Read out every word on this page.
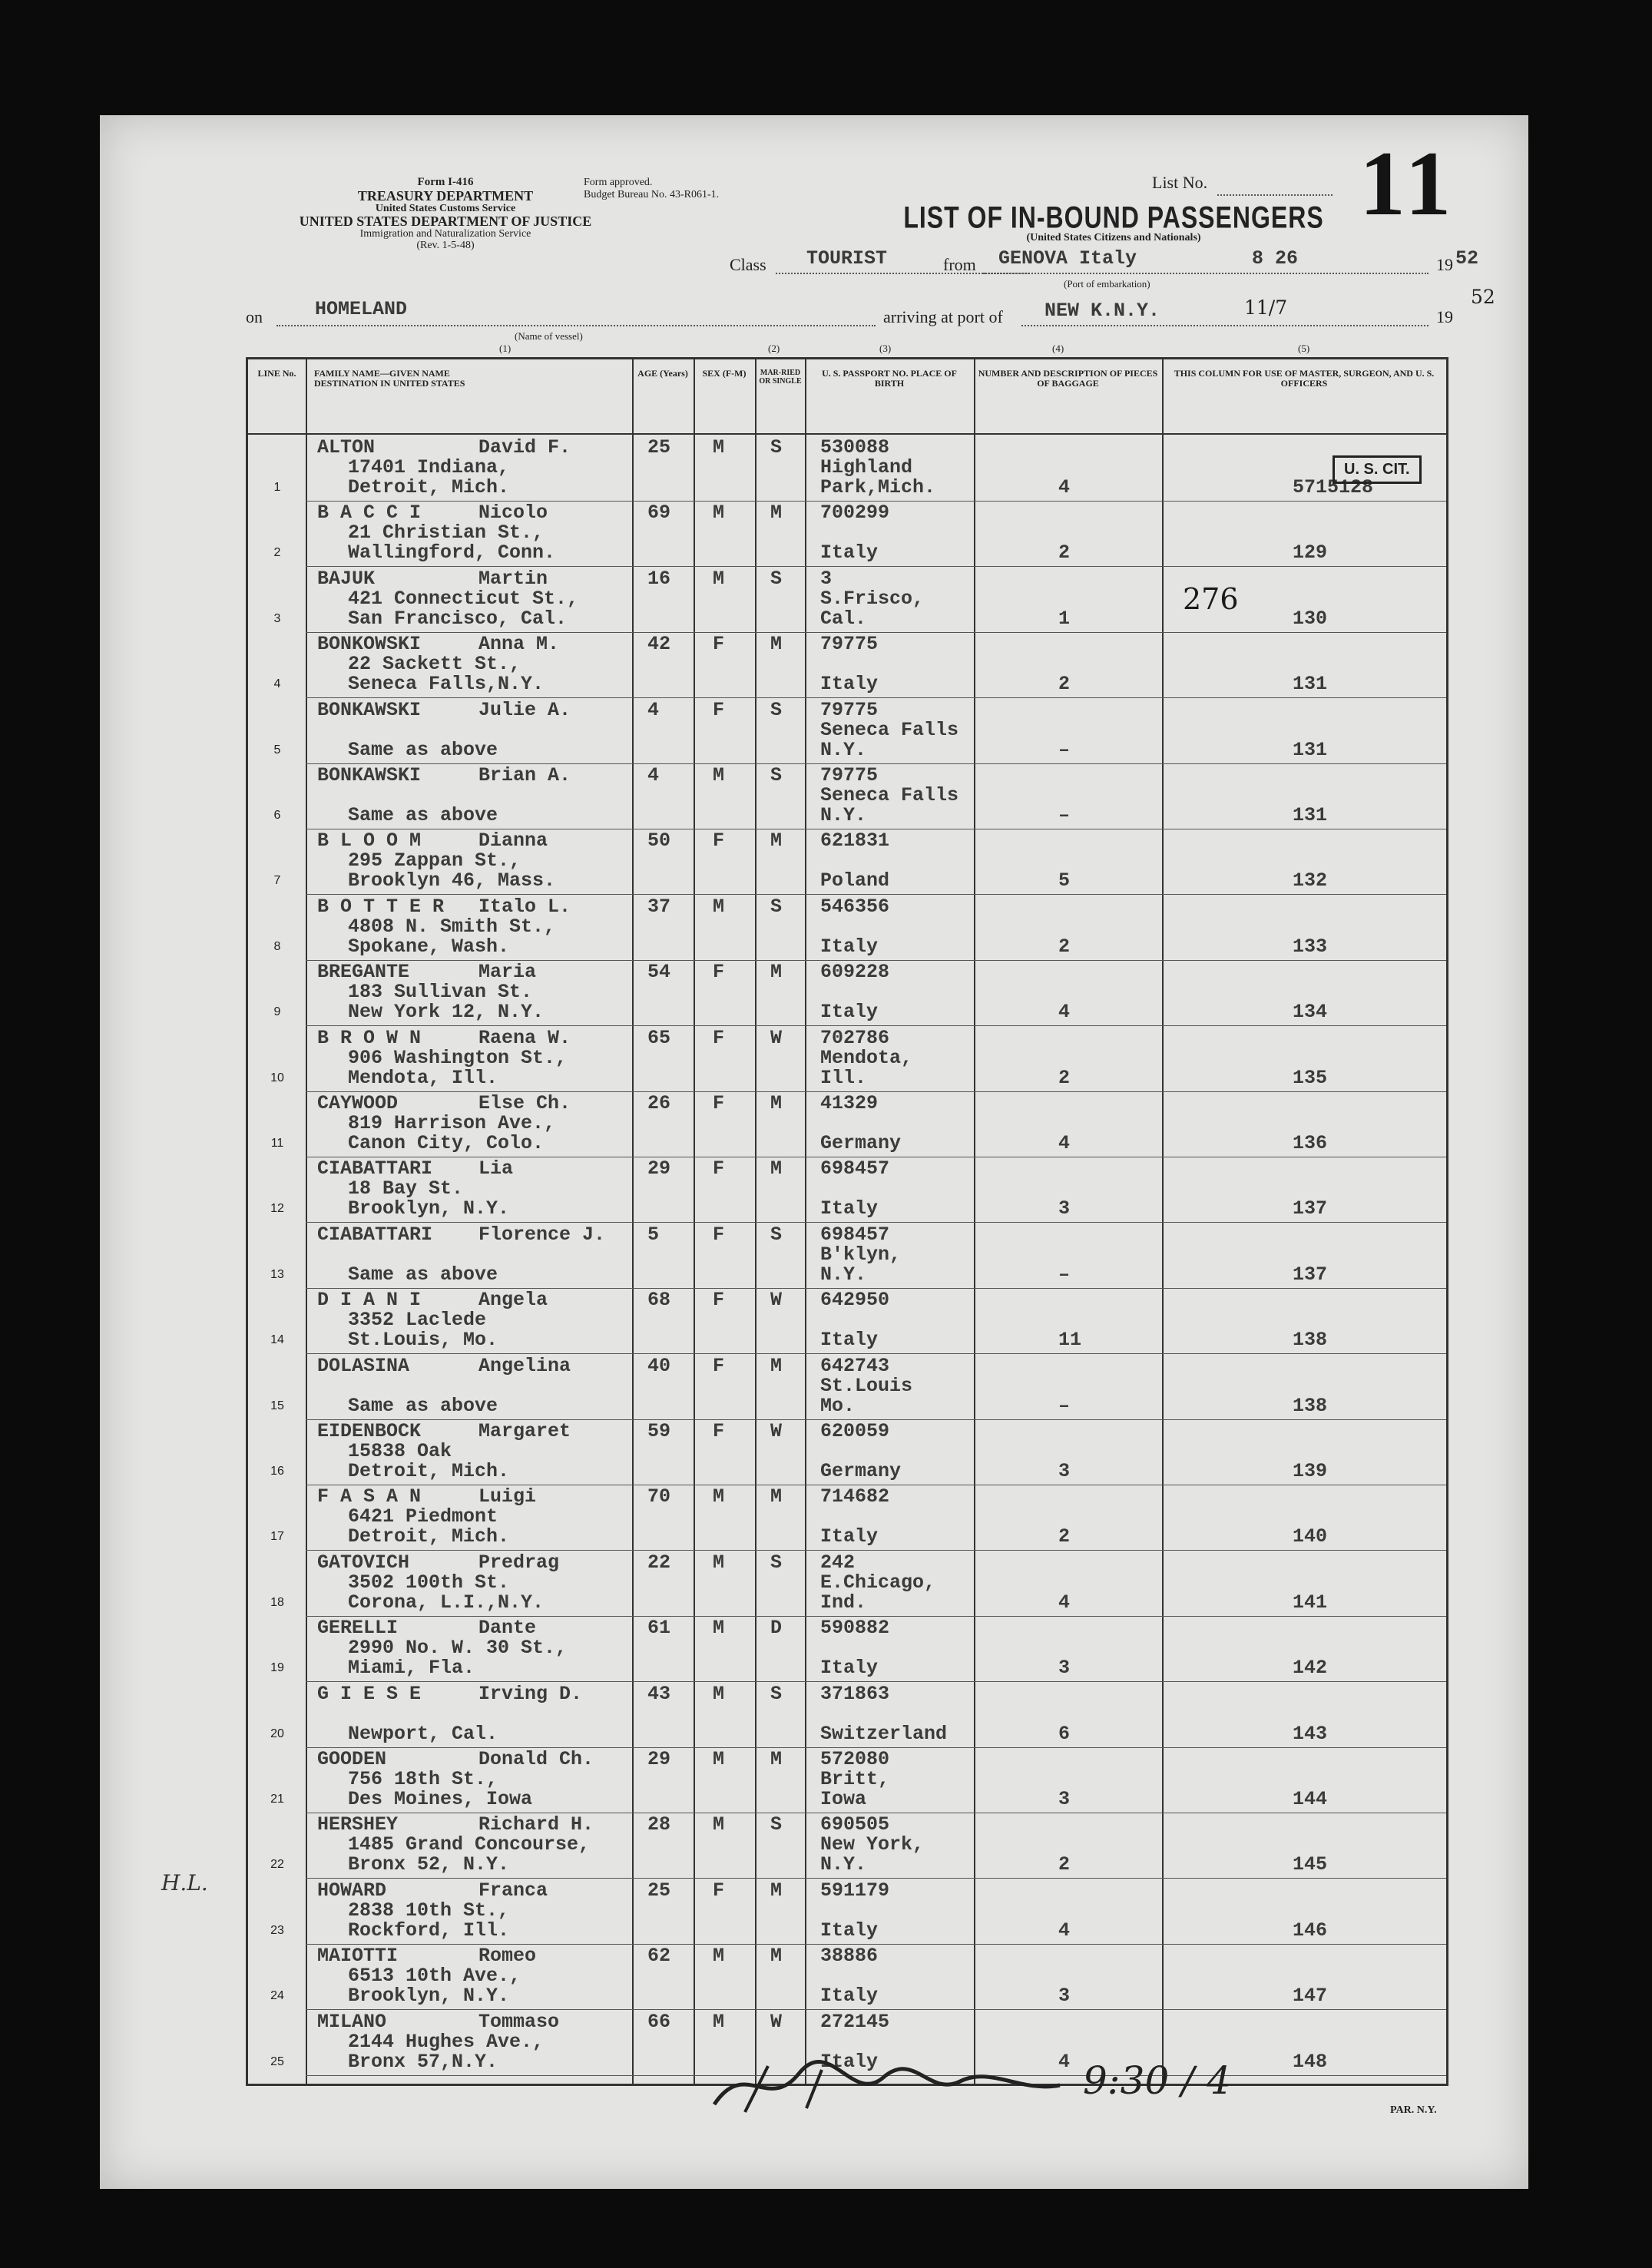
Form I-416
TREASURY DEPARTMENT
United States Customs Service
UNITED STATES DEPARTMENT OF JUSTICE
Immigration and Naturalization Service
(Rev. 1-5-48)
Form approved.
Budget Bureau No. 43-R061-1.
List No. 11
LIST OF IN-BOUND PASSENGERS
(United States Citizens and Nationals)
Class TOURIST	from GENOVA Italy	8 26
(Port of embarkation)
19 52
on	HOMELAND
(Name of vessel)
arriving at port of NEW K.N.Y.	11/7	19
52
(1)	(2)	(3)	(4)	(5)
LINE No.	FAMILY NAME—GIVEN NAME DESTINATION IN UNITED STATES
AGE (Years)	SEX (F-M)	MAR-RIED OR SINGLE
U. S. PASSPORT NO. PLACE OF BIRTH
NUMBER AND DESCRIPTION OF PIECES OF BAGGAGE
THIS COLUMN FOR USE OF MASTER, SURGEON, AND U. S. OFFICERS
1
ALTON	David F.
17401 Indiana,
Detroit, Mich.
25 M S 530088
Highland
Park,Mich.	4	5715128
2
B A C C I	Nicolo
21 Christian St.,
Wallingford, Conn.
69 M M 700299
Italy	2	129
3
BAJUK	Martin
421 Connecticut St.,
San Francisco, Cal.
16 M S 3
S.Frisco,
Cal.	1	130
4
BONKOWSKI	Anna M.
22 Sackett St.,
Seneca Falls,N.Y.
42 F M 79775
Italy	2	131
5
BONKAWSKI	Julie A.
Same as above
4	F S 79775
Seneca Falls
N.Y.	–	131
6
BONKAWSKI	Brian A.
Same as above
4	M S 79775
Seneca Falls
N.Y.	–	131
7
B L O O M	Dianna
295 Zappan St.,
Brooklyn 46, Mass.
50 F M 621831
Poland	5	132
8
B O T T E R Italo L.
4808 N. Smith St.,
Spokane, Wash.
37 M S 546356
Italy	2	133
9
BREGANTE	Maria
183 Sullivan St.
New York 12, N.Y.
54 F M 609228
Italy	4	134
10
B R O W N	Raena W.
906 Washington St.,
Mendota, Ill.
65 F W 702786
Mendota,
Ill.	2	135
11
CAYWOOD	Else Ch.
819 Harrison Ave.,
Canon City, Colo.
26 F M 41329
Germany	4	136
12
CIABATTARI Lia
18 Bay St.
Brooklyn, N.Y.
29 F M 698457
Italy	3	137
13
CIABATTARI Florence J.
Same as above
5	F S 698457
B'klyn,
N.Y.	–	137
14
D I A N I	Angela
3352 Laclede
St.Louis, Mo.
68 F W 642950
Italy	11	138
15
DOLASINA	Angelina
Same as above
40 F M 642743
St.Louis
Mo.	–	138
16
EIDENBOCK	Margaret
15838 Oak
Detroit, Mich.
59 F W 620059
Germany	3	139
17
F A S A N	Luigi
6421 Piedmont
Detroit, Mich.
70 M M 714682
Italy	2	140
18
GATOVICH	Predrag
3502 100th St.
Corona, L.I.,N.Y.
22 M S 242
E.Chicago,
Ind.	4	141
19
GERELLI	Dante
2990 No. W. 30 St.,
Miami, Fla.
61 M D 590882
Italy	3	142
20
G I E S E	Irving D.
Newport, Cal.
43 M S 371863
Switzerland	6	143
21
GOODEN	Donald Ch.
756 18th St.,
Des Moines, Iowa
29 M M 572080
Britt,
Iowa	3	144
22
HERSHEY	Richard H.
1485 Grand Concourse,
Bronx 52, N.Y.
28 M S 690505
New York,
N.Y.	2	145
23
HOWARD	Franca
2838 10th St.,
Rockford, Ill.
25 F M 591179
Italy	4	146
24
MAIOTTI	Romeo
6513 10th Ave.,
Brooklyn, N.Y.
62 M M 38886
Italy	3	147
25
MILANO	Tommaso
2144 Hughes Ave.,
Bronx 57,N.Y.
66 M W 272145
Italy	4	148
U. S. CIT.
276
H.L.
PAR. N.Y.
9:30 / 4
